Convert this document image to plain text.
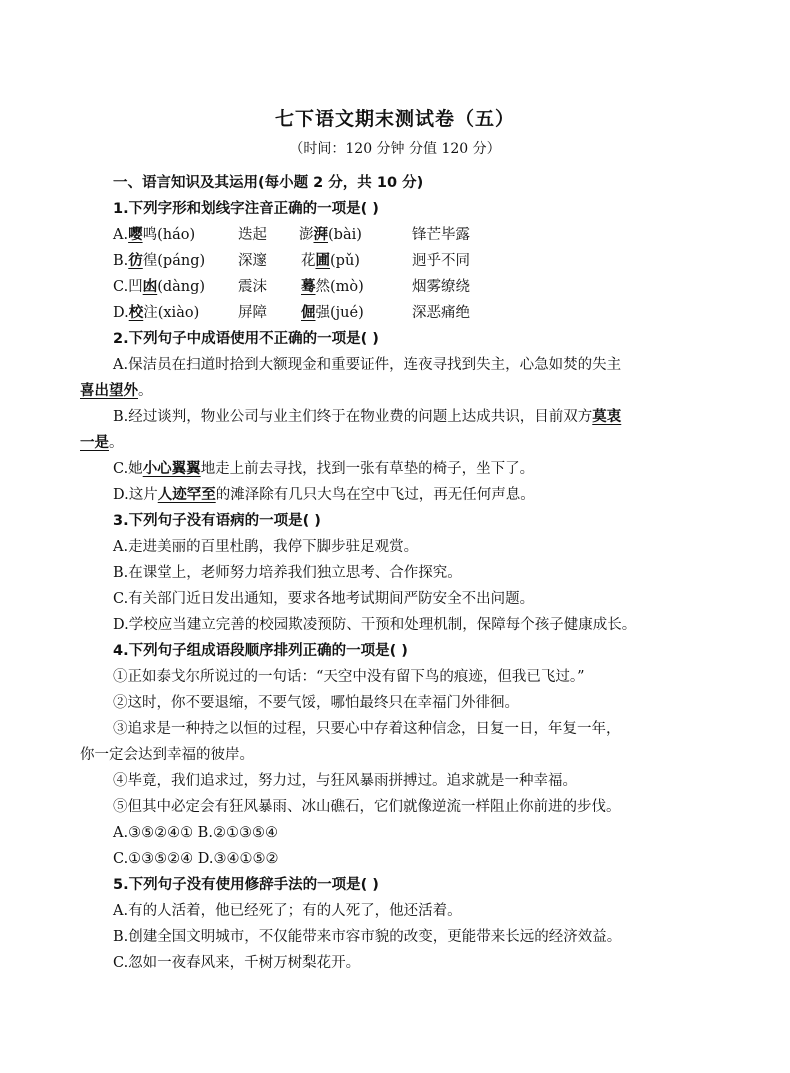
七下语文期末测试卷（五）
（时间：120 分钟 分值 120 分）
一、语言知识及其运用(每小题 2 分，共 10 分)
1.下列字形和划线字注音正确的一项是( )
A.嘤鸣(háo)	迭起 澎湃(bài)	锋芒毕露
B.彷徨(páng) 深邃 花圃(pǔ)	迥乎不同
C.凹凼(dàng) 震沫 蓦然(mò)	烟雾缭绕
D.校注(xiào)	屏障 倔强(jué)	深恶痛绝
2.下列句子中成语使用不正确的一项是( )
A.保洁员在扫道时拾到大额现金和重要证件，连夜寻找到失主，心急如焚的失主
喜出望外。
B.经过谈判，物业公司与业主们终于在物业费的问题上达成共识，目前双方莫衷
一是。
C.她小心翼翼地走上前去寻找，找到一张有草垫的椅子，坐下了。
D.这片人迹罕至的滩泽除有几只大鸟在空中飞过，再无任何声息。
3.下列句子没有语病的一项是( )
A.走进美丽的百里杜鹃，我停下脚步驻足观赏。
B.在课堂上，老师努力培养我们独立思考、合作探究。
C.有关部门近日发出通知，要求各地考试期间严防安全不出问题。
D.学校应当建立完善的校园欺凌预防、干预和处理机制，保障每个孩子健康成长。
4.下列句子组成语段顺序排列正确的一项是( )
①正如泰戈尔所说过的一句话：“天空中没有留下鸟的痕迹，但我已飞过。”
②这时，你不要退缩，不要气馁，哪怕最终只在幸福门外徘徊。
③追求是一种持之以恒的过程，只要心中存着这种信念，日复一日，年复一年，
你一定会达到幸福的彼岸。
④毕竟，我们追求过，努力过，与狂风暴雨拼搏过。追求就是一种幸福。
⑤但其中必定会有狂风暴雨、冰山礁石，它们就像逆流一样阻止你前进的步伐。
A.③⑤②④① B.②①③⑤④
C.①③⑤②④ D.③④①⑤②
5.下列句子没有使用修辞手法的一项是( )
A.有的人活着，他已经死了；有的人死了，他还活着。
B.创建全国文明城市，不仅能带来市容市貌的改变，更能带来长远的经济效益。
C.忽如一夜春风来，千树万树梨花开。
